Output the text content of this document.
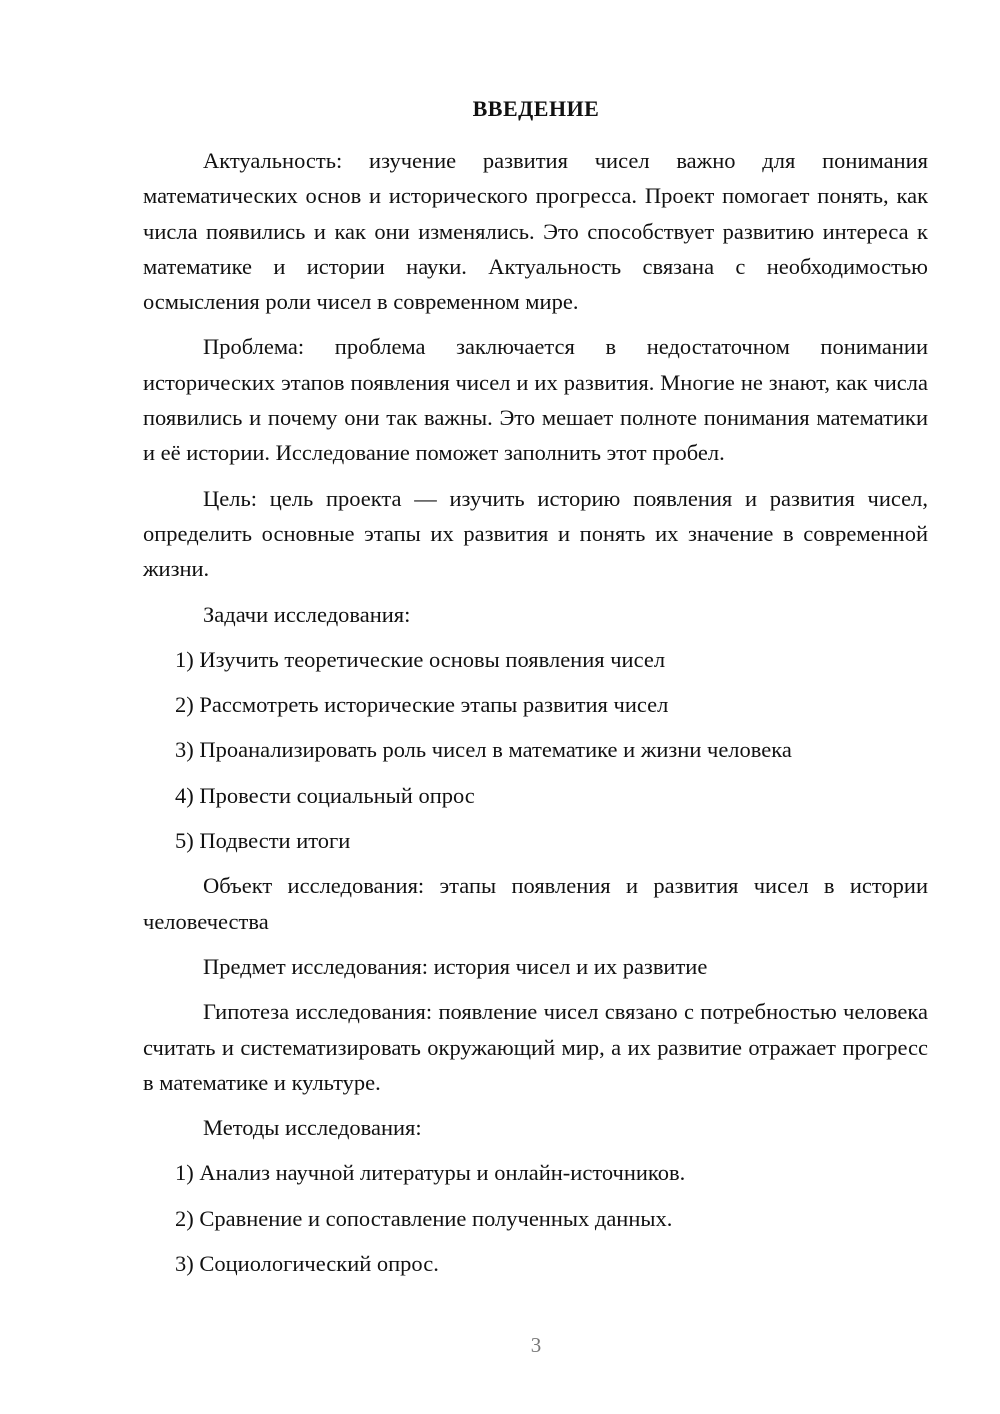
ВВЕДЕНИЕ

Актуальность: изучение развития чисел важно для понимания математических основ и исторического прогресса. Проект помогает понять, как числа появились и как они изменялись. Это способствует развитию интереса к математике и истории науки. Актуальность связана с необходимостью осмысления роли чисел в современном мире.

Проблема: проблема заключается в недостаточном понимании исторических этапов появления чисел и их развития. Многие не знают, как числа появились и почему они так важны. Это мешает полноте понимания математики и её истории. Исследование поможет заполнить этот пробел.

Цель: цель проекта — изучить историю появления и развития чисел, определить основные этапы их развития и понять их значение в современной жизни.

Задачи исследования:

1) Изучить теоретические основы появления чисел

2) Рассмотреть исторические этапы развития чисел

3) Проанализировать роль чисел в математике и жизни человека

4) Провести социальный опрос

5) Подвести итоги

Объект исследования: этапы появления и развития чисел в истории человечества

Предмет исследования: история чисел и их развитие

Гипотеза исследования: появление чисел связано с потребностью человека считать и систематизировать окружающий мир, а их развитие отражает прогресс в математике и культуре.

Методы исследования:

1) Анализ научной литературы и онлайн-источников.

2) Сравнение и сопоставление полученных данных.

3) Социологический опрос.

3
